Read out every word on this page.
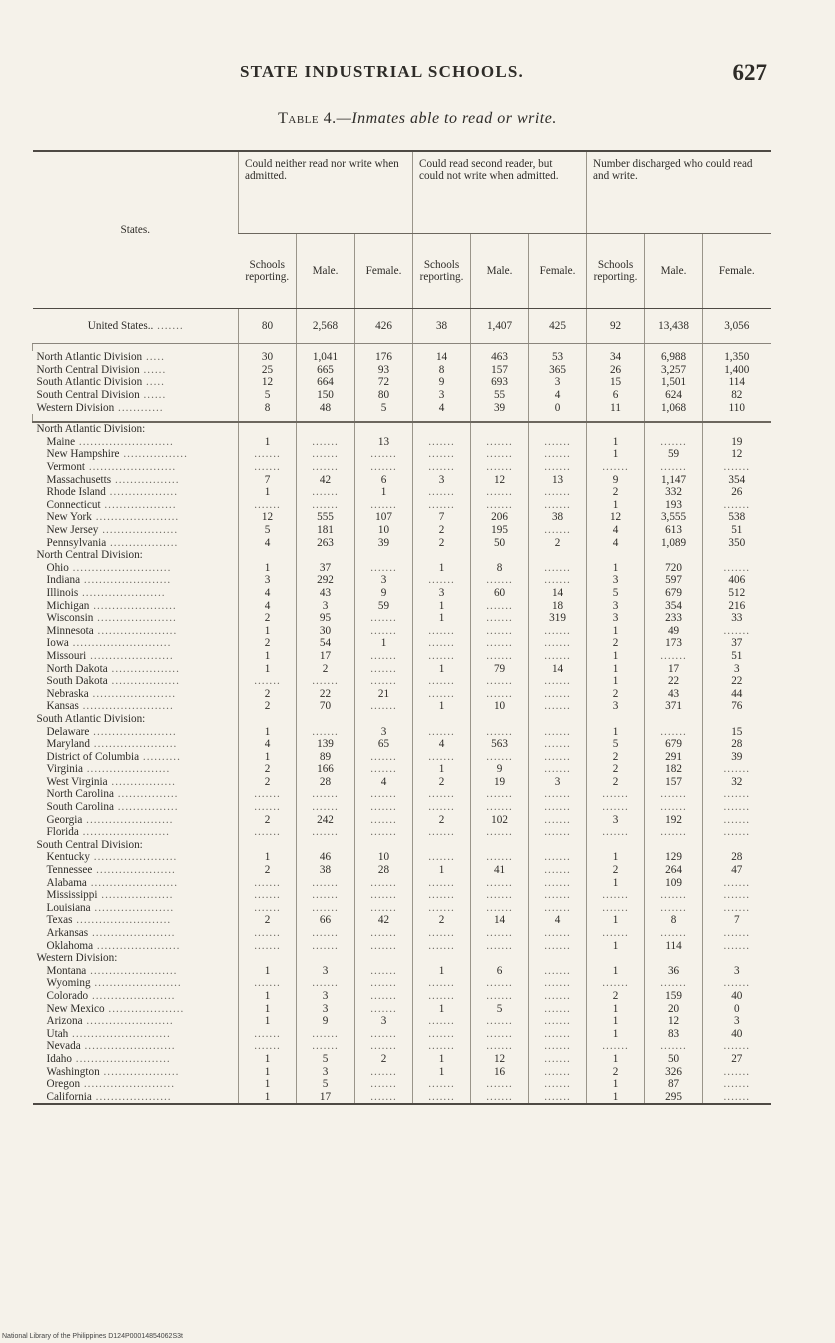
STATE INDUSTRIAL SCHOOLS.	627
Table 4.—Inmates able to read or write.
States.	Could neither read nor write when admitted.			Could read second reader, but could not write when admitted.			Number discharged who could read and write.		
	Schools reporting.	Male.	Female.	Schools reporting.	Male.	Female.	Schools reporting.	Male.	Female.
United States.. .......	80	2,568	426	38	1,407	425	92	13,438	3,056

North Atlantic Division .....	30	1,041	176	14	463	53	34	6,988	1,350
North Central Division ......	25	665	93	8	157	365	26	3,257	1,400
South Atlantic Division .....	12	664	72	9	693	3	15	1,501	114
South Central Division ......	5	150	80	3	55	4	6	624	82
Western Division ............	8	48	5	4	39	0	11	1,068	110

North Atlantic Division:									
Maine .........................	1	.......	13	.......	.......	.......	1	.......	19
New Hampshire .................	.......	.......	.......	.......	.......	.......	1	59	12
Vermont .......................	.......	.......	.......	.......	.......	.......	.......	.......	.......
Massachusetts .................	7	42	6	3	12	13	9	1,147	354
Rhode Island ..................	1	.......	1	.......	.......	.......	2	332	26
Connecticut ...................	.......	.......	.......	.......	.......	.......	1	193	.......
New York ......................	12	555	107	7	206	38	12	3,555	538
New Jersey ....................	5	181	10	2	195	.......	4	613	51
Pennsylvania ..................	4	263	39	2	50	2	4	1,089	350
North Central Division:									
Ohio ..........................	1	37	.......	1	8	.......	1	720	.......
Indiana .......................	3	292	3	.......	.......	.......	3	597	406
Illinois ......................	4	43	9	3	60	14	5	679	512
Michigan ......................	4	3	59	1	.......	18	3	354	216
Wisconsin .....................	2	95	.......	1	.......	319	3	233	33
Minnesota .....................	1	30	.......	.......	.......	.......	1	49	.......
Iowa ..........................	2	54	1	.......	.......	.......	2	173	37
Missouri ......................	1	17	.......	.......	.......	.......	1	.......	51
North Dakota ..................	1	2	.......	1	79	14	1	17	3
South Dakota ..................	.......	.......	.......	.......	.......	.......	1	22	22
Nebraska ......................	2	22	21	.......	.......	.......	2	43	44
Kansas ........................	2	70	.......	1	10	.......	3	371	76
South Atlantic Division:									
Delaware ......................	1	.......	3	.......	.......	.......	1	.......	15
Maryland ......................	4	139	65	4	563	.......	5	679	28
District of Columbia ..........	1	89	.......	.......	.......	.......	2	291	39
Virginia ......................	2	166	.......	1	9	.......	2	182	.......
West Virginia .................	2	28	4	2	19	3	2	157	32
North Carolina ................	.......	.......	.......	.......	.......	.......	.......	.......	.......
South Carolina ................	.......	.......	.......	.......	.......	.......	.......	.......	.......
Georgia .......................	2	242	.......	2	102	.......	3	192	.......
Florida .......................	.......	.......	.......	.......	.......	.......	.......	.......	.......
South Central Division:									
Kentucky ......................	1	46	10	.......	.......	.......	1	129	28
Tennessee .....................	2	38	28	1	41	.......	2	264	47
Alabama .......................	.......	.......	.......	.......	.......	.......	1	109	.......
Mississippi ...................	.......	.......	.......	.......	.......	.......	.......	.......	.......
Louisiana .....................	.......	.......	.......	.......	.......	.......	.......	.......	.......
Texas .........................	2	66	42	2	14	4	1	8	7
Arkansas ......................	.......	.......	.......	.......	.......	.......	.......	.......	.......
Oklahoma ......................	.......	.......	.......	.......	.......	.......	1	114	.......
Western Division:									
Montana .......................	1	3	.......	1	6	.......	1	36	3
Wyoming .......................	.......	.......	.......	.......	.......	.......	.......	.......	.......
Colorado ......................	1	3	.......	.......	.......	.......	2	159	40
New Mexico ....................	1	3	.......	1	5	.......	1	20	0
Arizona .......................	1	9	3	.......	.......	.......	1	12	3
Utah ..........................	.......	.......	.......	.......	.......	.......	1	83	40
Nevada ........................	.......	.......	.......	.......	.......	.......	.......	.......	.......
Idaho .........................	1	5	2	1	12	.......	1	50	27
Washington ....................	1	3	.......	1	16	.......	2	326	.......
Oregon ........................	1	5	.......	.......	.......	.......	1	87	.......
California ....................	1	17	.......	.......	.......	.......	1	295	.......
National Library of the Philippines D124P00014854062S3t
